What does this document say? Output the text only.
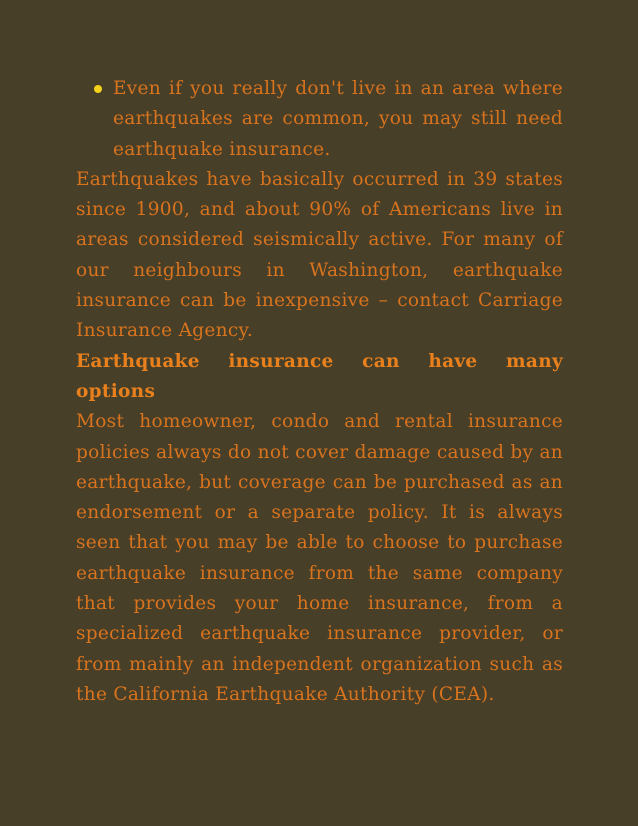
Even if you really don't live in an area where earthquakes are common, you may still need earthquake insurance.

Earthquakes have basically occurred in 39 states since 1900, and about 90% of Americans live in areas considered seismically active. For many of our neighbours in Washington, earthquake insurance can be inexpensive – contact Carriage Insurance Agency.

Earthquake insurance can have many
options

Most homeowner, condo and rental insurance policies always do not cover damage caused by an earthquake, but coverage can be purchased as an endorsement or a separate policy. It is always seen that you may be able to choose to purchase earthquake insurance from the same company that provides your home insurance, from a specialized earthquake insurance provider, or from mainly an independent organization such as the California Earthquake Authority (CEA).
